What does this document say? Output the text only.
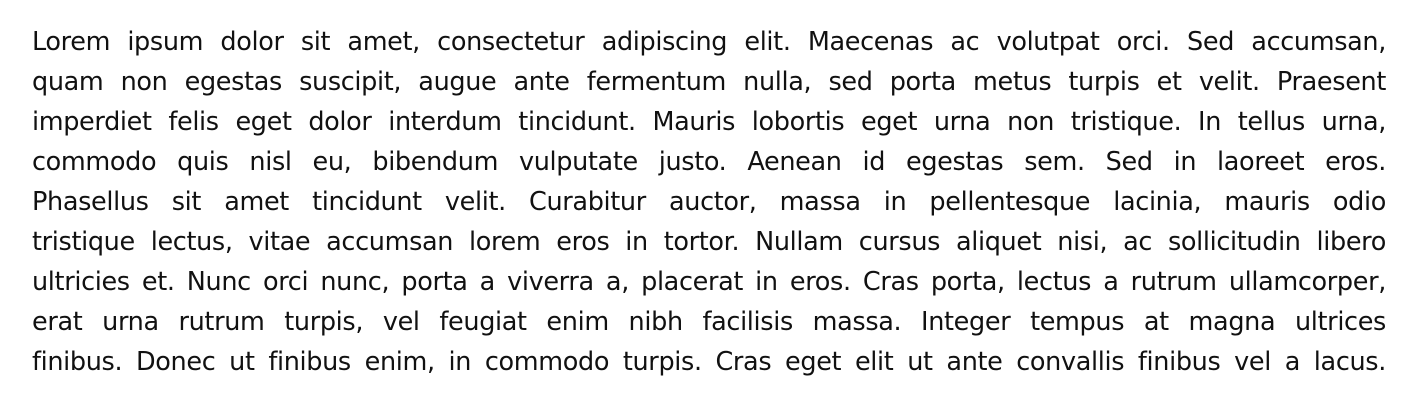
Lorem ipsum dolor sit amet, consectetur adipiscing elit. Maecenas ac volutpat orci. Sed accumsan,
quam non egestas suscipit, augue ante fermentum nulla, sed porta metus turpis et velit. Praesent
imperdiet felis eget dolor interdum tincidunt. Mauris lobortis eget urna non tristique. In tellus urna,
commodo quis nisl eu, bibendum vulputate justo. Aenean id egestas sem. Sed in laoreet eros.
Phasellus sit amet tincidunt velit. Curabitur auctor, massa in pellentesque lacinia, mauris odio
tristique lectus, vitae accumsan lorem eros in tortor. Nullam cursus aliquet nisi, ac sollicitudin libero
ultricies et. Nunc orci nunc, porta a viverra a, placerat in eros. Cras porta, lectus a rutrum ullamcorper,
erat urna rutrum turpis, vel feugiat enim nibh facilisis massa. Integer tempus at magna ultrices
finibus. Donec ut finibus enim, in commodo turpis. Cras eget elit ut ante convallis finibus vel a lacus.
